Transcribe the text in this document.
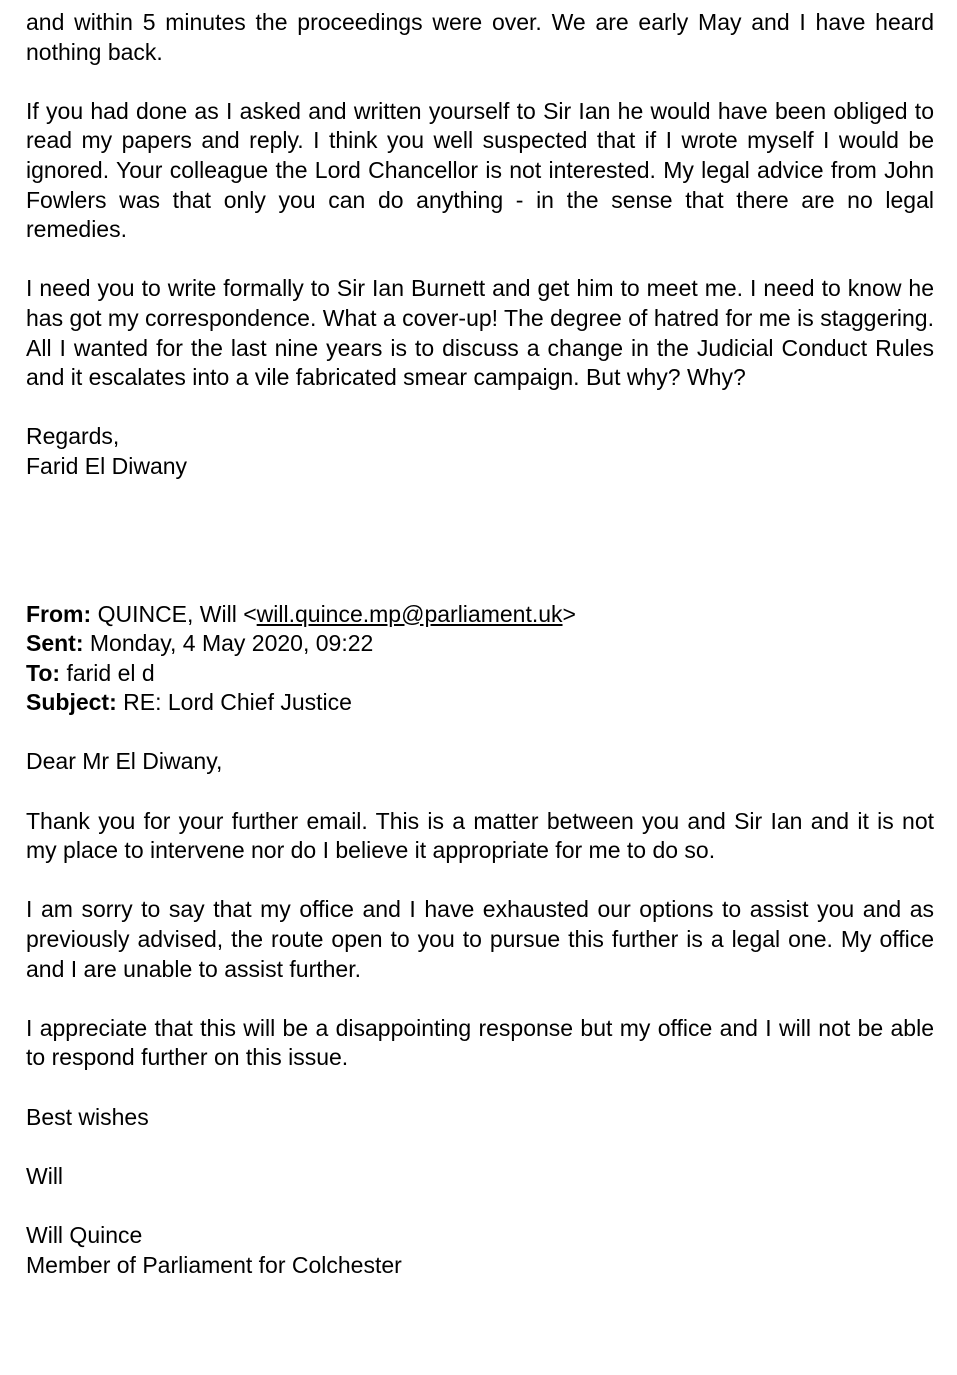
and within 5 minutes the proceedings were over. We are early May and I have heard nothing back.

If you had done as I asked and written yourself to Sir Ian he would have been obliged to read my papers and reply. I think you well suspected that if I wrote myself I would be ignored. Your colleague the Lord Chancellor is not interested. My legal advice from John Fowlers was that only you can do anything - in the sense that there are no legal remedies.

I need you to write formally to Sir Ian Burnett and get him to meet me. I need to know he has got my correspondence. What a cover-up! The degree of hatred for me is staggering. All I wanted for the last nine years is to discuss a change in the Judicial Conduct Rules and it escalates into a vile fabricated smear campaign. But why? Why?

Regards,
Farid El Diwany
From: QUINCE, Will <will.quince.mp@parliament.uk>
Sent: Monday, 4 May 2020, 09:22
To: farid el d
Subject: RE: Lord Chief Justice

Dear Mr El Diwany,

Thank you for your further email. This is a matter between you and Sir Ian and it is not my place to intervene nor do I believe it appropriate for me to do so.

I am sorry to say that my office and I have exhausted our options to assist you and as previously advised, the route open to you to pursue this further is a legal one. My office and I are unable to assist further.

I appreciate that this will be a disappointing response but my office and I will not be able to respond further on this issue.

Best wishes

Will

Will Quince
Member of Parliament for Colchester
